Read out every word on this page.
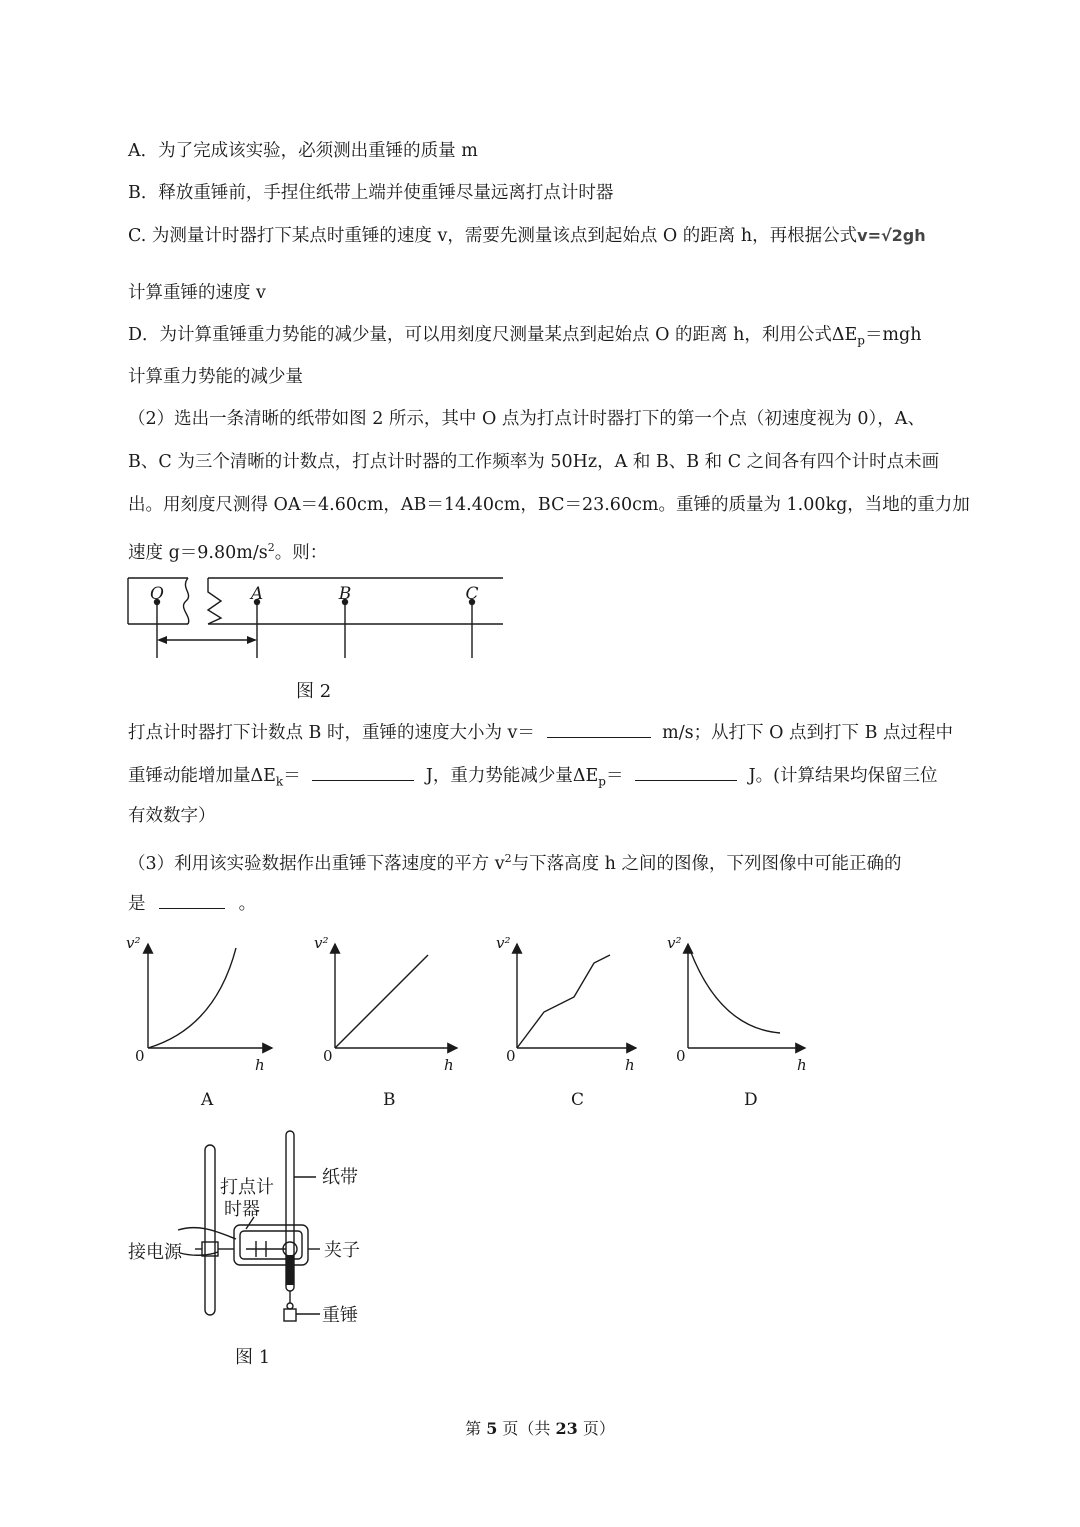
A．为了完成该实验，必须测出重锤的质量 m
B．释放重锤前，手捏住纸带上端并使重锤尽量远离打点计时器
C. 为测量计时器打下某点时重锤的速度 v，需要先测量该点到起始点 O 的距离 h，再根据公式v=√2gh
计算重锤的速度 v
D．为计算重锤重力势能的减少量，可以用刻度尺测量某点到起始点 O 的距离 h，利用公式$\Delta E_p=mgh$
计算重力势能的减少量
（2）选出一条清晰的纸带如图 2 所示，其中 O 点为打点计时器打下的第一个点（初速度视为 0），A、
B、C 为三个清晰的计数点，打点计时器的工作频率为 50Hz，A 和 B、B 和 C 之间各有四个计时点未画
出。用刻度尺测得 OA＝4.60cm，AB＝14.40cm，BC＝23.60cm。重锤的质量为 1.00kg，当地的重力加
速度 $g=9.80m/s^2$。则：
O	A	B	C
图 2
打点计时器打下计数点 B 时，重锤的速度大小为 v＝	m/s；从打下 O 点到打下 B 点过程中
重锤动能增加量$\Delta E_k=$	J，重力势能减少量$\Delta E_p=$	J。(计算结果均保留三位
有效数字）
（3）利用该实验数据作出重锤下落速度的平方 $v^2$与下落高度 h 之间的图像，下列图像中可能正确的
是	。
v²
h
v²
h
v²
h
v²
h
0	0	0	0
A	B	C	D
打点计
时器
纸带
接电源	夹子
重锤
图 1
第 5 页（共 23 页）
